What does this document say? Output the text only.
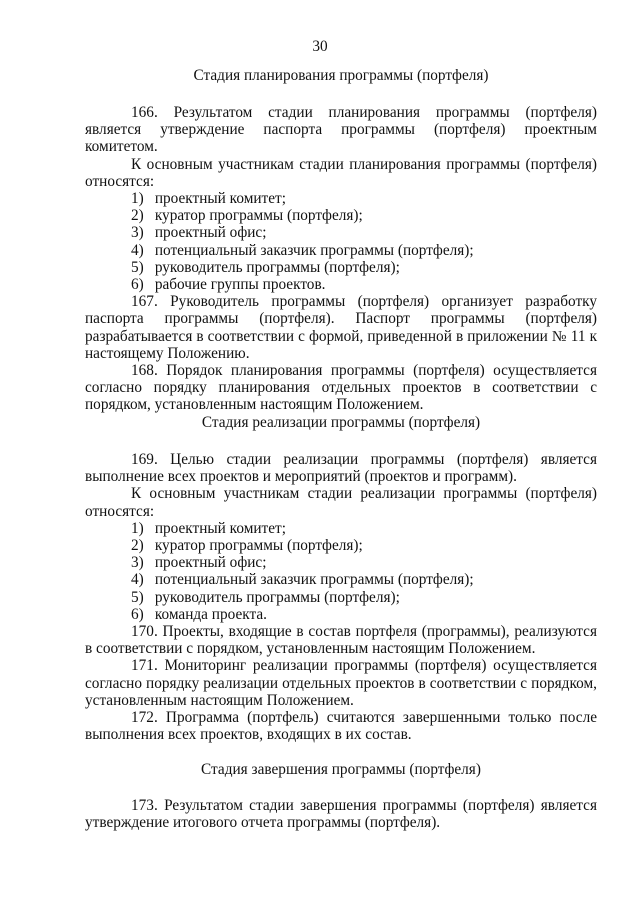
30
Стадия планирования программы (портфеля)

166. Результатом стадии планирования программы (портфеля) является утверждение паспорта программы (портфеля) проектным комитетом.

К основным участникам стадии планирования программы (портфеля) относятся:

1) проектный комитет;

2) куратор программы (портфеля);

3) проектный офис;

4) потенциальный заказчик программы (портфеля);

5) руководитель программы (портфеля);

6) рабочие группы проектов.

167. Руководитель программы (портфеля) организует разработку паспорта программы (портфеля). Паспорт программы (портфеля) разрабатывается в соответствии с формой, приведенной в приложении № 11 к настоящему Положению.

168. Порядок планирования программы (портфеля) осуществляется согласно порядку планирования отдельных проектов в соответствии с порядком, установленным настоящим Положением.

Стадия реализации программы (портфеля)

169. Целью стадии реализации программы (портфеля) является выполнение всех проектов и мероприятий (проектов и программ).

К основным участникам стадии реализации программы (портфеля) относятся:

1) проектный комитет;

2) куратор программы (портфеля);

3) проектный офис;

4) потенциальный заказчик программы (портфеля);

5) руководитель программы (портфеля);

6) команда проекта.

170. Проекты, входящие в состав портфеля (программы), реализуются в соответствии с порядком, установленным настоящим Положением.

171. Мониторинг реализации программы (портфеля) осуществляется согласно порядку реализации отдельных проектов в соответствии с порядком, установленным настоящим Положением.

172. Программа (портфель) считаются завершенными только после выполнения всех проектов, входящих в их состав.

Стадия завершения программы (портфеля)

173. Результатом стадии завершения программы (портфеля) является утверждение итогового отчета программы (портфеля).
